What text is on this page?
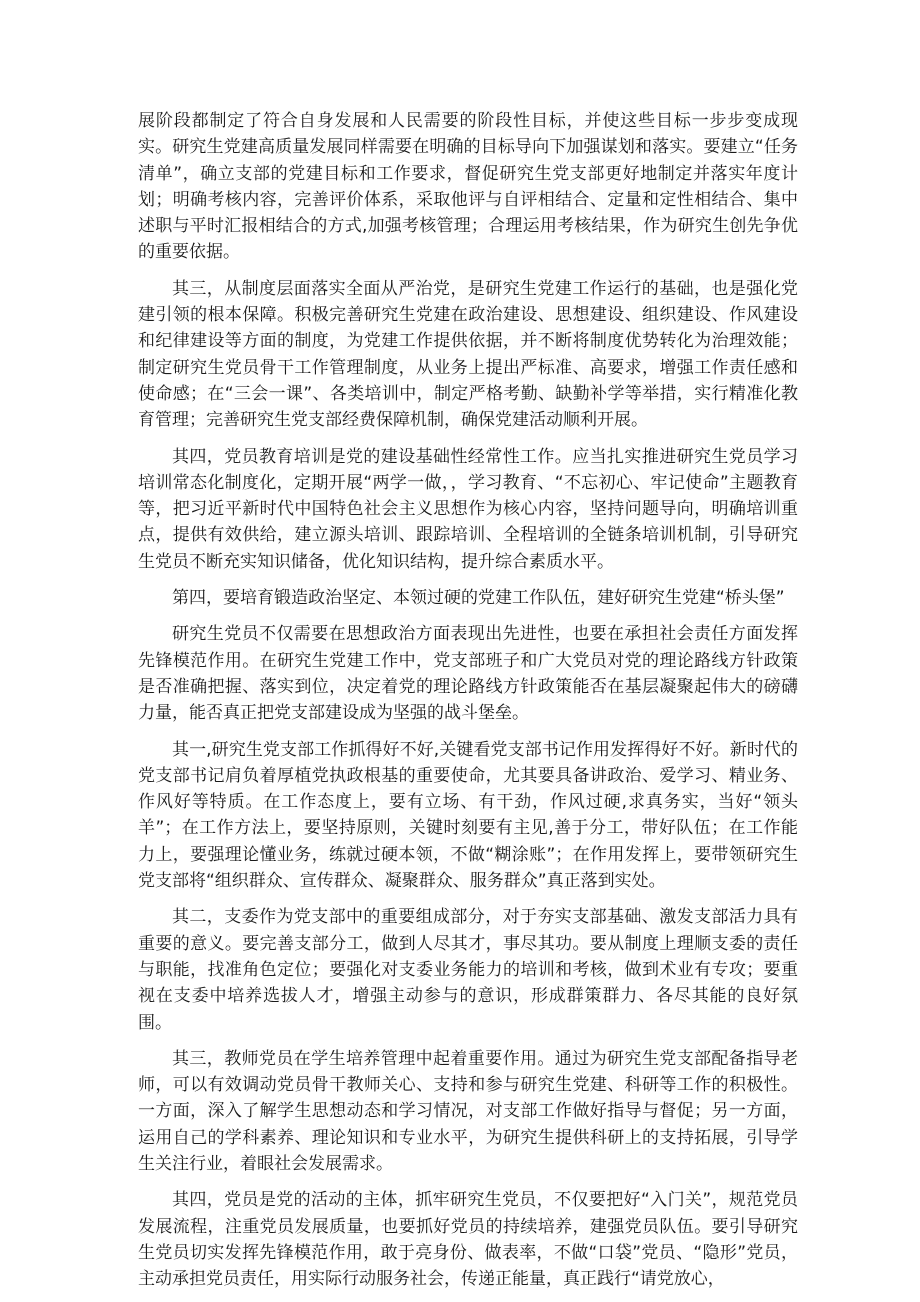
展阶段都制定了符合自身发展和人民需要的阶段性目标，并使这些目标一步步变成现实。研究生党建高质量发展同样需要在明确的目标导向下加强谋划和落实。要建立“任务清单”，确立支部的党建目标和工作要求，督促研究生党支部更好地制定并落实年度计划；明确考核内容，完善评价体系，采取他评与自评相结合、定量和定性相结合、集中述职与平时汇报相结合的方式,加强考核管理；合理运用考核结果，作为研究生创先争优的重要依据。

其三，从制度层面落实全面从严治党，是研究生党建工作运行的基础，也是强化党建引领的根本保障。积极完善研究生党建在政治建设、思想建设、组织建设、作风建设和纪律建设等方面的制度，为党建工作提供依据，并不断将制度优势转化为治理效能；制定研究生党员骨干工作管理制度，从业务上提出严标准、高要求，增强工作责任感和使命感；在“三会一课”、各类培训中，制定严格考勤、缺勤补学等举措，实行精准化教育管理；完善研究生党支部经费保障机制，确保党建活动顺利开展。

其四，党员教育培训是党的建设基础性经常性工作。应当扎实推进研究生党员学习培训常态化制度化，定期开展“两学一做，，学习教育、“不忘初心、牢记使命”主题教育等，把习近平新时代中国特色社会主义思想作为核心内容，坚持问题导向，明确培训重点，提供有效供给，建立源头培训、跟踪培训、全程培训的全链条培训机制，引导研究生党员不断充实知识储备，优化知识结构，提升综合素质水平。

第四，要培育锻造政治坚定、本领过硬的党建工作队伍，建好研究生党建“桥头堡”

研究生党员不仅需要在思想政治方面表现出先进性，也要在承担社会责任方面发挥先锋模范作用。在研究生党建工作中，党支部班子和广大党员对党的理论路线方针政策是否准确把握、落实到位，决定着党的理论路线方针政策能否在基层凝聚起伟大的磅礴力量，能否真正把党支部建设成为坚强的战斗堡垒。

其一,研究生党支部工作抓得好不好,关键看党支部书记作用发挥得好不好。新时代的党支部书记肩负着厚植党执政根基的重要使命，尤其要具备讲政治、爱学习、精业务、作风好等特质。在工作态度上，要有立场、有干劲，作风过硬,求真务实，当好“领头羊”；在工作方法上，要坚持原则，关键时刻要有主见,善于分工，带好队伍；在工作能力上，要强理论懂业务，练就过硬本领，不做“糊涂账”；在作用发挥上，要带领研究生党支部将“组织群众、宣传群众、凝聚群众、服务群众”真正落到实处。

其二，支委作为党支部中的重要组成部分，对于夯实支部基础、激发支部活力具有重要的意义。要完善支部分工，做到人尽其才，事尽其功。要从制度上理顺支委的责任与职能，找准角色定位；要强化对支委业务能力的培训和考核，做到术业有专攻；要重视在支委中培养选拔人才，增强主动参与的意识，形成群策群力、各尽其能的良好氛围。

其三，教师党员在学生培养管理中起着重要作用。通过为研究生党支部配备指导老师，可以有效调动党员骨干教师关心、支持和参与研究生党建、科研等工作的积极性。一方面，深入了解学生思想动态和学习情况，对支部工作做好指导与督促；另一方面，运用自己的学科素养、理论知识和专业水平，为研究生提供科研上的支持拓展，引导学生关注行业，着眼社会发展需求。

其四，党员是党的活动的主体，抓牢研究生党员，不仅要把好“入门关”，规范党员发展流程，注重党员发展质量，也要抓好党员的持续培养，建强党员队伍。要引导研究生党员切实发挥先锋模范作用，敢于亮身份、做表率，不做“口袋”党员、“隐形”党员，主动承担党员责任，用实际行动服务社会，传递正能量，真正践行“请党放心，
